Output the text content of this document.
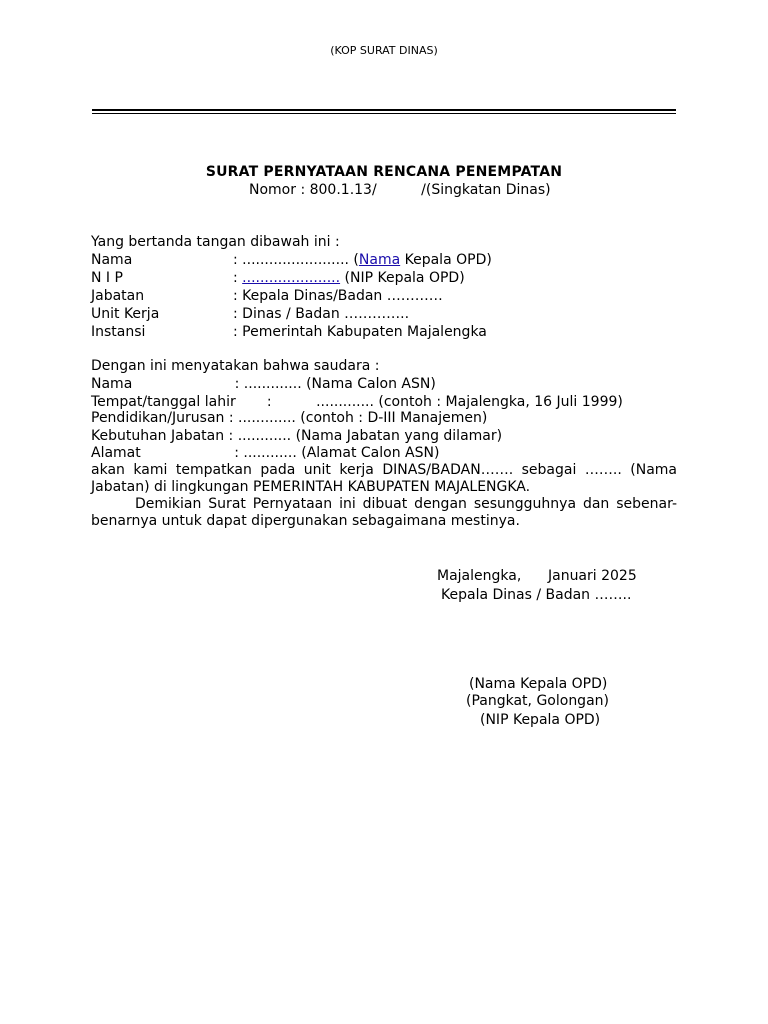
(KOP SURAT DINAS)
SURAT PERNYATAAN RENCANA PENEMPATAN
Nomor : 800.1.13/          /(Singkatan Dinas)
Yang bertanda tangan dibawah ini :
Nama	: ........................ (Nama Kepala OPD)
N I P	: ...................... (NIP Kepala OPD)
Jabatan	: Kepala Dinas/Badan …………
Unit Kerja	: Dinas / Badan …………..
Instansi	: Pemerintah Kabupaten Majalengka
Dengan ini menyatakan bahwa saudara :
Nama                       : ............. (Nama Calon ASN)
Tempat/tanggal lahir       :          ............. (contoh : Majalengka, 16 Juli 1999)
Pendidikan/Jurusan : ............. (contoh : D-III Manajemen)
Kebutuhan Jabatan : ............ (Nama Jabatan yang dilamar)
Alamat                     : ............ (Alamat Calon ASN)
akan kami tempatkan pada unit kerja DINAS/BADAN……. sebagai …….. (Nama Jabatan) di lingkungan PEMERINTAH KABUPATEN MAJALENGKA.
Demikian Surat Pernyataan ini dibuat dengan sesungguhnya dan sebenar-benarnya untuk dapat dipergunakan sebagaimana mestinya.
Majalengka,      Januari 2025
Kepala Dinas / Badan ……..
(Nama Kepala OPD)
(Pangkat, Golongan)
(NIP Kepala OPD)
